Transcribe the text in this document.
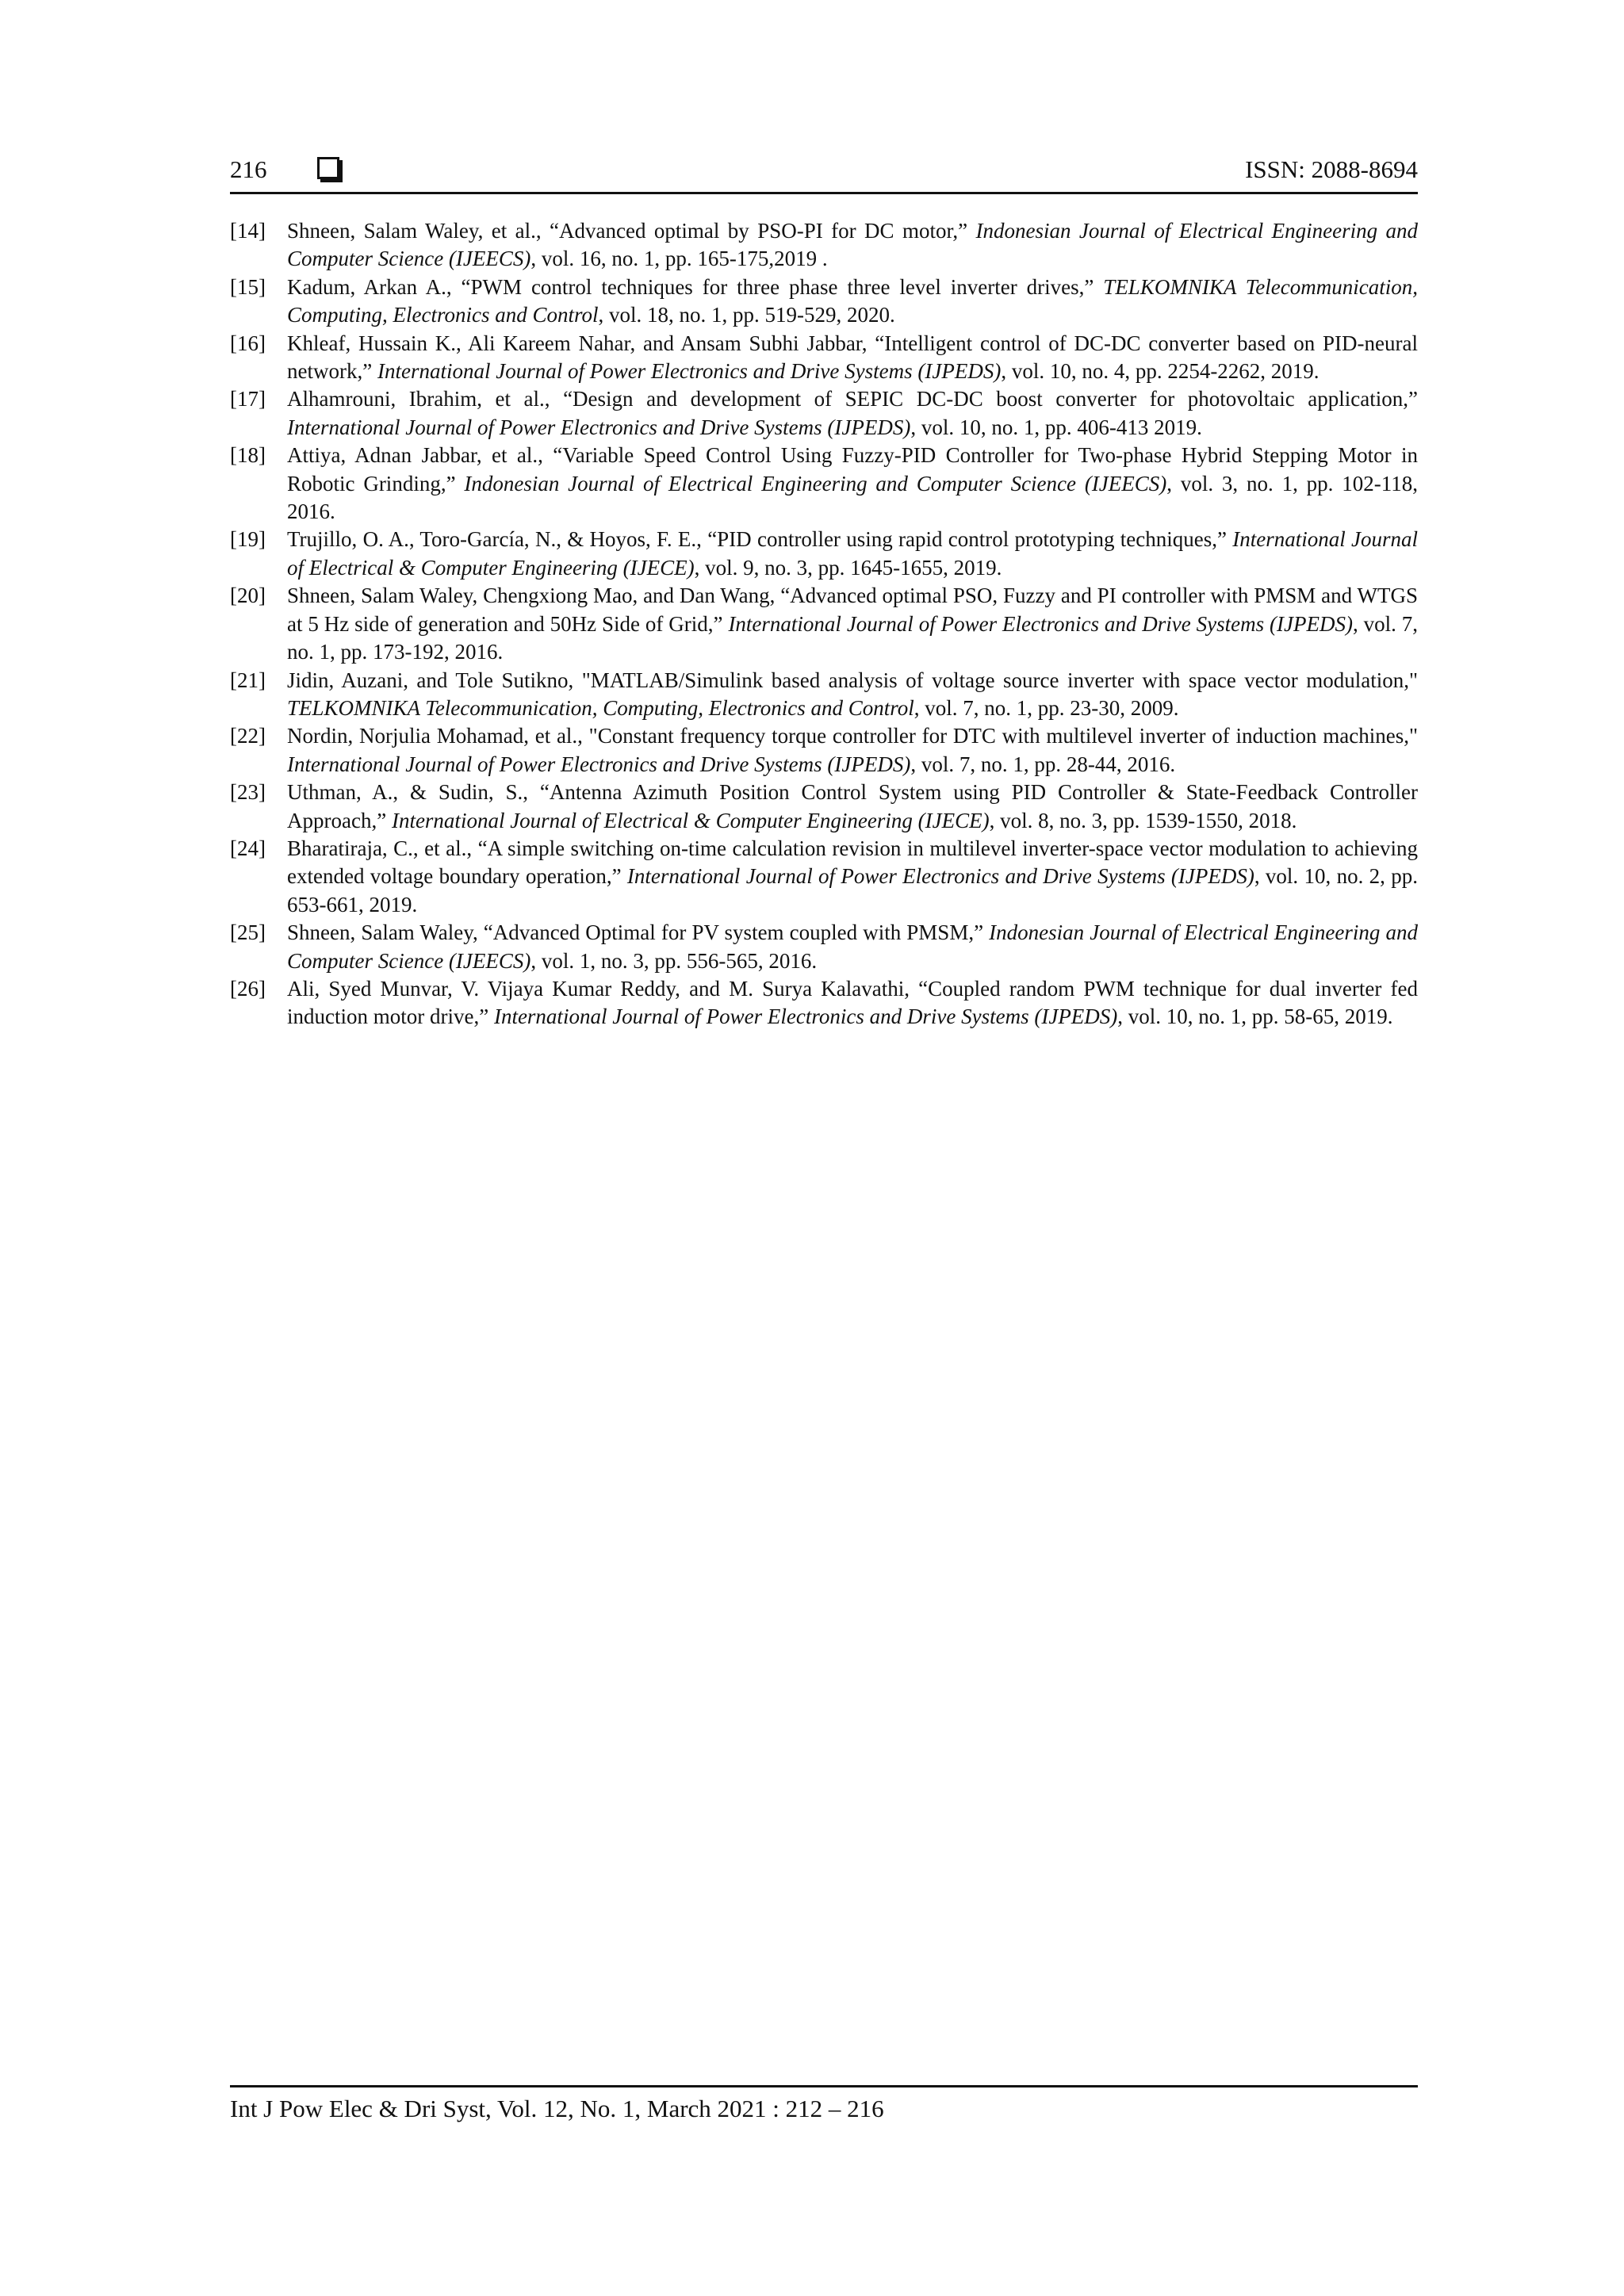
216	ISSN: 2088-8694
[14] Shneen, Salam Waley, et al., “Advanced optimal by PSO-PI for DC motor,” Indonesian Journal of Electrical Engineering and Computer Science (IJEECS), vol. 16, no. 1, pp. 165-175,2019 .
[15] Kadum, Arkan A., “PWM control techniques for three phase three level inverter drives,” TELKOMNIKA Telecommunication, Computing, Electronics and Control, vol. 18, no. 1, pp. 519-529, 2020.
[16] Khleaf, Hussain K., Ali Kareem Nahar, and Ansam Subhi Jabbar, “Intelligent control of DC-DC converter based on PID-neural network,” International Journal of Power Electronics and Drive Systems (IJPEDS), vol. 10, no. 4, pp. 2254-2262, 2019.
[17] Alhamrouni, Ibrahim, et al., “Design and development of SEPIC DC-DC boost converter for photovoltaic application,” International Journal of Power Electronics and Drive Systems (IJPEDS), vol. 10, no. 1, pp. 406-413 2019.
[18] Attiya, Adnan Jabbar, et al., “Variable Speed Control Using Fuzzy-PID Controller for Two-phase Hybrid Stepping Motor in Robotic Grinding,” Indonesian Journal of Electrical Engineering and Computer Science (IJEECS), vol. 3, no. 1, pp. 102-118, 2016.
[19] Trujillo, O. A., Toro-García, N., & Hoyos, F. E., “PID controller using rapid control prototyping techniques,” International Journal of Electrical & Computer Engineering (IJECE), vol. 9, no. 3, pp. 1645-1655, 2019.
[20] Shneen, Salam Waley, Chengxiong Mao, and Dan Wang, “Advanced optimal PSO, Fuzzy and PI controller with PMSM and WTGS at 5 Hz side of generation and 50Hz Side of Grid,” International Journal of Power Electronics and Drive Systems (IJPEDS), vol. 7, no. 1, pp. 173-192, 2016.
[21] Jidin, Auzani, and Tole Sutikno, "MATLAB/Simulink based analysis of voltage source inverter with space vector modulation," TELKOMNIKA Telecommunication, Computing, Electronics and Control, vol. 7, no. 1, pp. 23-30, 2009.
[22] Nordin, Norjulia Mohamad, et al., "Constant frequency torque controller for DTC with multilevel inverter of induction machines," International Journal of Power Electronics and Drive Systems (IJPEDS), vol. 7, no. 1, pp. 28-44, 2016.
[23] Uthman, A., & Sudin, S., “Antenna Azimuth Position Control System using PID Controller & State-Feedback Controller Approach,” International Journal of Electrical & Computer Engineering (IJECE), vol. 8, no. 3, pp. 1539-1550, 2018.
[24] Bharatiraja, C., et al., “A simple switching on-time calculation revision in multilevel inverter-space vector modulation to achieving extended voltage boundary operation,” International Journal of Power Electronics and Drive Systems (IJPEDS), vol. 10, no. 2, pp. 653-661, 2019.
[25] Shneen, Salam Waley, “Advanced Optimal for PV system coupled with PMSM,” Indonesian Journal of Electrical Engineering and Computer Science (IJEECS), vol. 1, no. 3, pp. 556-565, 2016.
[26] Ali, Syed Munvar, V. Vijaya Kumar Reddy, and M. Surya Kalavathi, “Coupled random PWM technique for dual inverter fed induction motor drive,” International Journal of Power Electronics and Drive Systems (IJPEDS), vol. 10, no. 1, pp. 58-65, 2019.
Int J Pow Elec & Dri Syst, Vol. 12, No. 1, March 2021 : 212 – 216
